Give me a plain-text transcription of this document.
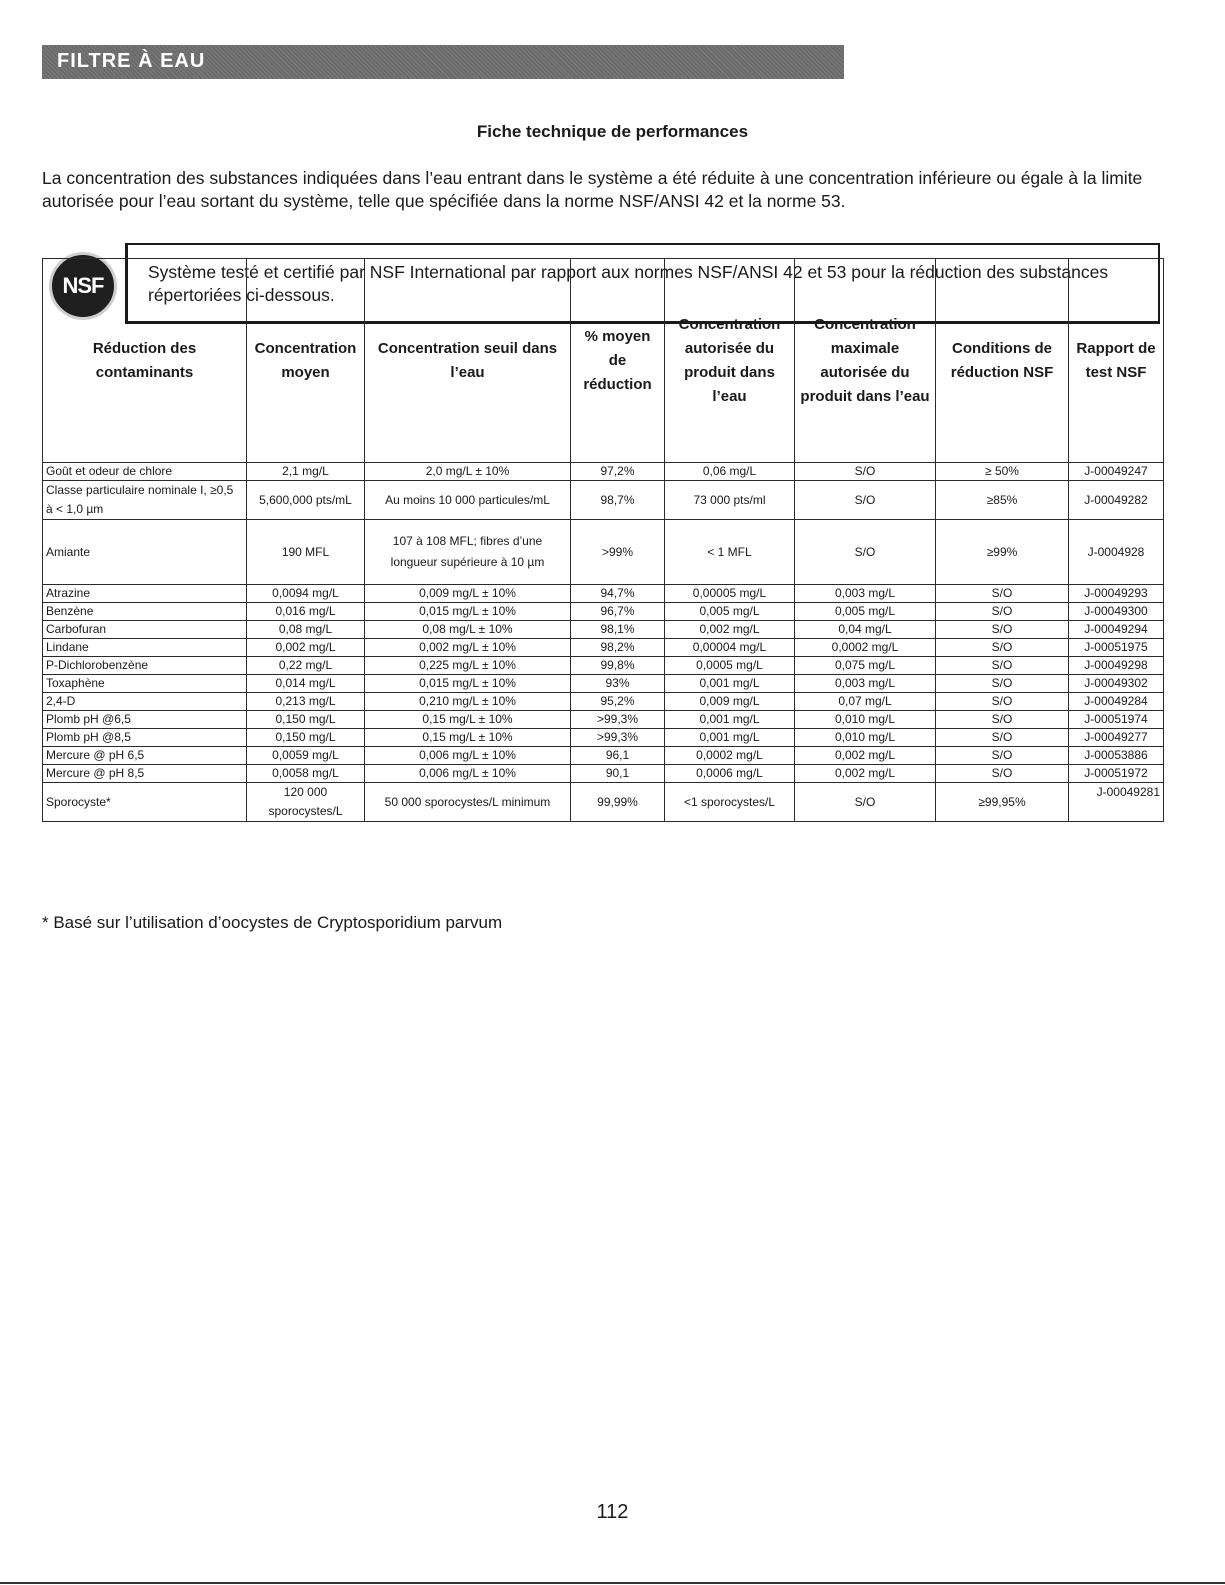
FILTRE À EAU
Fiche technique de performances
La concentration des substances indiquées dans l’eau entrant dans le système a été réduite à une concentration inférieure ou égale à la limite autorisée pour l’eau sortant du système, telle que spécifiée dans la norme NSF/ANSI 42 et la norme 53.
NSF
Système testé et certifié par NSF International par rapport aux normes NSF/ANSI 42 et 53 pour la réduction des substances répertoriées ci-dessous.
Réduction des contaminants	Concentration moyen	Concentration seuil dans l’eau	% moyen de réduction	Concentration autorisée du produit dans l’eau	Concentration maximale autorisée du produit dans l’eau	Conditions de réduction NSF	Rapport de test NSF
Goût et odeur de chlore	2,1 mg/L	2,0 mg/L ± 10%	97,2%	0,06 mg/L	S/O	≥ 50%	J-00049247
Classe particulaire nominale I, ≥0,5 à < 1,0 µm	5,600,000 pts/mL	Au moins 10 000 particules/mL	98,7%	73 000 pts/ml	S/O	≥85%	J-00049282
Amiante	190 MFL	107 à 108 MFL; fibres d’une longueur supérieure à 10 µm	>99%	< 1 MFL	S/O	≥99%	J-0004928
Atrazine	0,0094 mg/L	0,009 mg/L ± 10%	94,7%	0,00005 mg/L	0,003 mg/L	S/O	J-00049293
Benzène	0,016 mg/L	0,015 mg/L ± 10%	96,7%	0,005 mg/L	0,005 mg/L	S/O	J-00049300
Carbofuran	0,08 mg/L	0,08 mg/L ± 10%	98,1%	0,002 mg/L	0,04 mg/L	S/O	J-00049294
Lindane	0,002 mg/L	0,002 mg/L ± 10%	98,2%	0,00004 mg/L	0,0002 mg/L	S/O	J-00051975
P-Dichlorobenzène	0,22 mg/L	0,225 mg/L ± 10%	99,8%	0,0005 mg/L	0,075 mg/L	S/O	J-00049298
Toxaphène	0,014 mg/L	0,015 mg/L ± 10%	93%	0,001 mg/L	0,003 mg/L	S/O	J-00049302
2,4-D	0,213 mg/L	0,210 mg/L ± 10%	95,2%	0,009 mg/L	0,07 mg/L	S/O	J-00049284
Plomb pH @6,5	0,150 mg/L	0,15 mg/L ± 10%	>99,3%	0,001 mg/L	0,010 mg/L	S/O	J-00051974
Plomb pH @8,5	0,150 mg/L	0,15 mg/L ± 10%	>99,3%	0,001 mg/L	0,010 mg/L	S/O	J-00049277
Mercure @ pH 6,5	0,0059 mg/L	0,006 mg/L ± 10%	96,1	0,0002 mg/L	0,002 mg/L	S/O	J-00053886
Mercure @ pH 8,5	0,0058 mg/L	0,006 mg/L ± 10%	90,1	0,0006 mg/L	0,002 mg/L	S/O	J-00051972
Sporocyste*	120 000 sporocystes/L	50 000 sporocystes/L minimum	99,99%	<1 sporocystes/L	S/O	≥99,95%	J-00049281
* Basé sur l’utilisation d’oocystes de Cryptosporidium parvum
112
